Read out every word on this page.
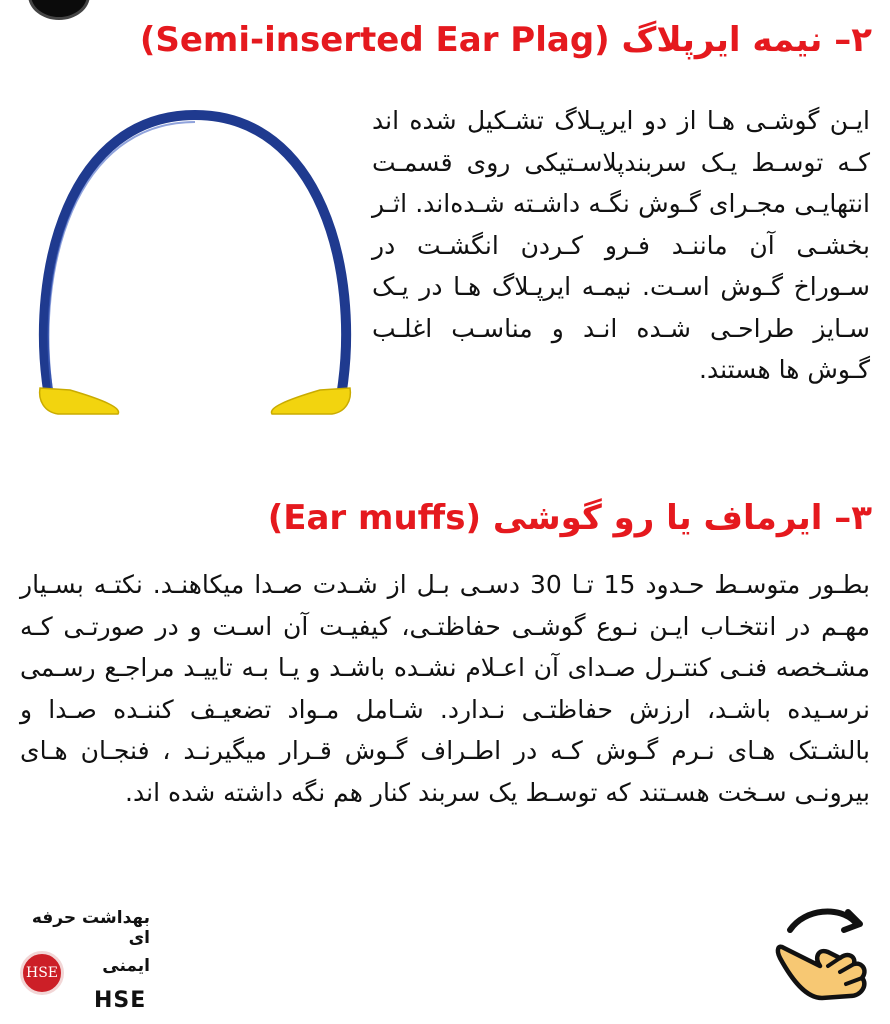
۲– نیمه ایرپلاگ (Semi-inserted Ear Plag)
ایـن گوشـی هـا از دو ایرپـلاگ تشـکیل شده اند کـه توسـط یـک سربندپلاسـتیکی روی قسمـت انتهایـی مجـرای گـوش نگـه داشـته شـده‌اند. اثـر بخشـی آن ماننـد فـرو کـردن انگشـت در سـوراخ گـوش اسـت. نیمـه ایرپـلاگ هـا در یـک سـایز طراحـی شـده انـد و مناسـب اغلـب گـوش ها هستند.
۳– ایرماف یا رو گوشی (Ear muffs)
بطـور متوسـط حـدود 15 تـا 30 دسـی بـل از شـدت صـدا میکاهنـد. نکتـه بسـیار مهـم در انتخـاب ایـن نـوع گوشـی حفاظتـی، کیفیـت آن اسـت و در صورتـی کـه مشـخصه فنـی کنتـرل صـدای آن اعـلام نشـده باشـد و یـا بـه تاییـد مراجـع رسـمی نرسـیده باشـد، ارزش حفاظتـی نـدارد. شـامل مـواد تضعیـف کننـده صـدا و بالشـتک هـای نـرم گـوش کـه در اطـراف گـوش قـرار میگیرنـد ، فنجـان هـای بیرونـی سـخت هسـتند که توسـط یک سربند کنار هم نگه داشته شده اند.
بهداشت حرفه ای
HSE	ایمنی
HSE
